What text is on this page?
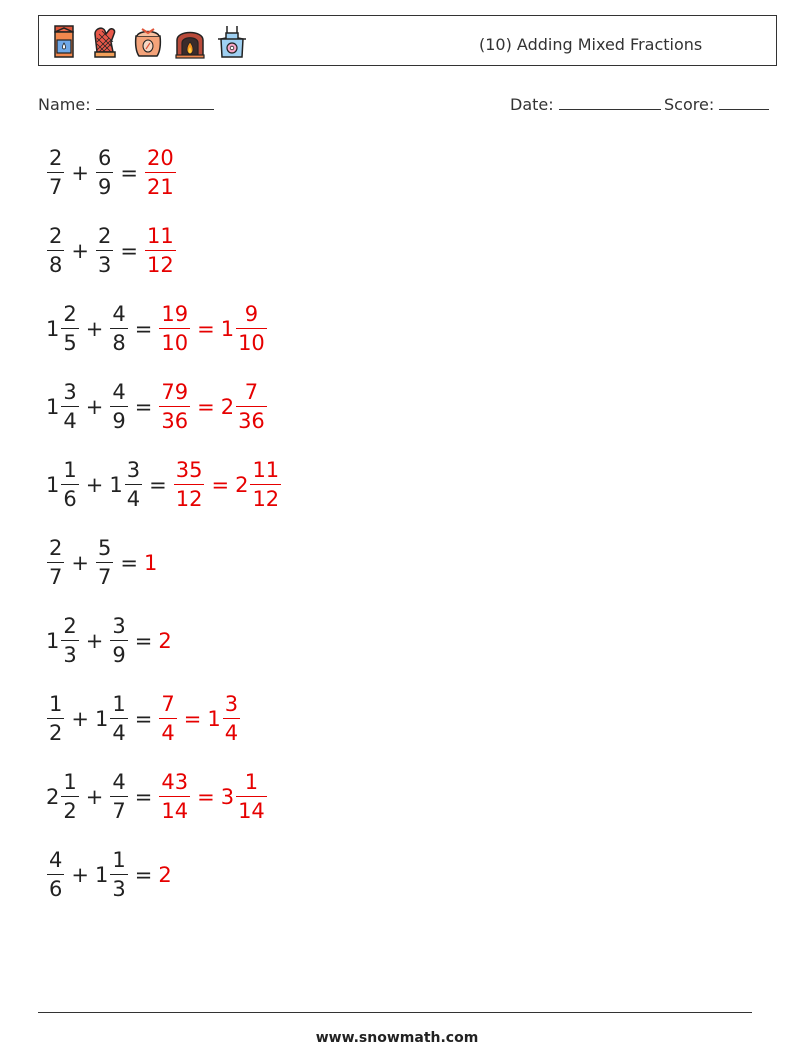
(10) Adding Mixed Fractions
Name:	Date:	Score:
$\frac{2}{7} + \frac{6}{9} = \frac{20}{21}$
$\frac{2}{8} + \frac{2}{3} = \frac{11}{12}$
$1 \frac{2}{5} + \frac{4}{8} = \frac{19}{10} = 1 \frac{9}{10}$
$1 \frac{3}{4} + \frac{4}{9} = \frac{79}{36} = 2 \frac{7}{36}$
$1 \frac{1}{6} + 1 \frac{3}{4} = \frac{35}{12} = 2 \frac{11}{12}$
$\frac{2}{7} + \frac{5}{7} = 1$
$1 \frac{2}{3} + \frac{3}{9} = 2$
$\frac{1}{2} + 1 \frac{1}{4} = \frac{7}{4} = 1 \frac{3}{4}$
$2 \frac{1}{2} + \frac{4}{7} = \frac{43}{14} = 3 \frac{1}{14}$
$\frac{4}{6} + 1 \frac{1}{3} = 2$
www.snowmath.com
